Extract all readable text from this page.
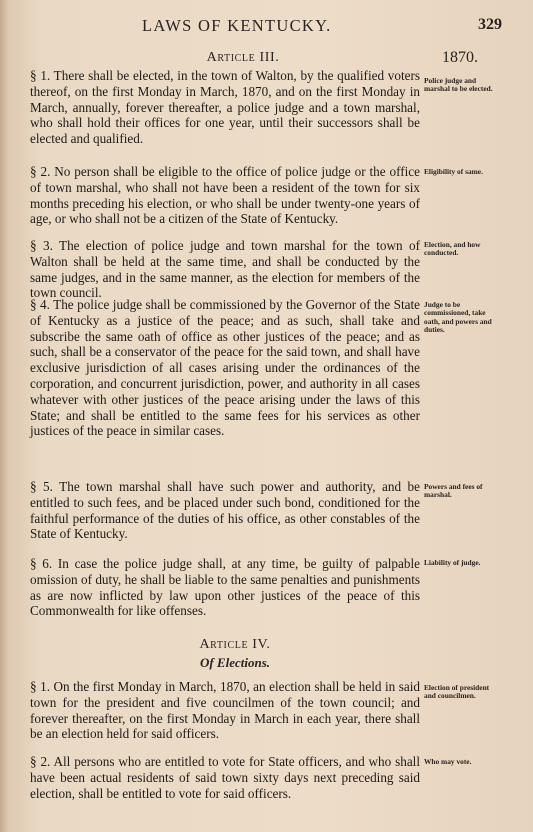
LAWS OF KENTUCKY.	329
Article III.	1870.

§ 1. There shall be elected, in the town of Walton, by the qualified voters thereof, on the first Monday in March, 1870, and on the first Monday in March, annually, forever thereafter, a police judge and a town marshal, who shall hold their offices for one year, until their successors shall be elected and qualified.

§ 2. No person shall be eligible to the office of police judge or the office of town marshal, who shall not have been a resident of the town for six months preceding his election, or who shall be under twenty-one years of age, or who shall not be a citizen of the State of Kentucky.

§ 3. The election of police judge and town marshal for the town of Walton shall be held at the same time, and shall be conducted by the same judges, and in the same manner, as the election for members of the town council.

§ 4. The police judge shall be commissioned by the Governor of the State of Kentucky as a justice of the peace; and as such, shall take and subscribe the same oath of office as other justices of the peace; and as such, shall be a conservator of the peace for the said town, and shall have exclusive jurisdiction of all cases arising under the ordinances of the corporation, and concurrent jurisdiction, power, and authority in all cases whatever with other justices of the peace arising under the laws of this State; and shall be entitled to the same fees for his services as other justices of the peace in similar cases.

§ 5. The town marshal shall have such power and authority, and be entitled to such fees, and be placed under such bond, conditioned for the faithful performance of the duties of his office, as other constables of the State of Kentucky.

§ 6. In case the police judge shall, at any time, be guilty of palpable omission of duty, he shall be liable to the same penalties and punishments as are now inflicted by law upon other justices of the peace of this Commonwealth for like offenses.

Article IV.
Of Elections.

§ 1. On the first Monday in March, 1870, an election shall be held in said town for the president and five councilmen of the town council; and forever thereafter, on the first Monday in March in each year, there shall be an election held for said officers.

§ 2. All persons who are entitled to vote for State officers, and who shall have been actual residents of said town sixty days next preceding said election, shall be entitled to vote for said officers.

Police judge and marshal to be elected.
Eligibility of same.
Election, and how conducted.
Judge to be commissioned, take oath, and powers and duties.
Powers and fees of marshal.
Liability of judge.
Election of president and councilmen.
Who may vote.
